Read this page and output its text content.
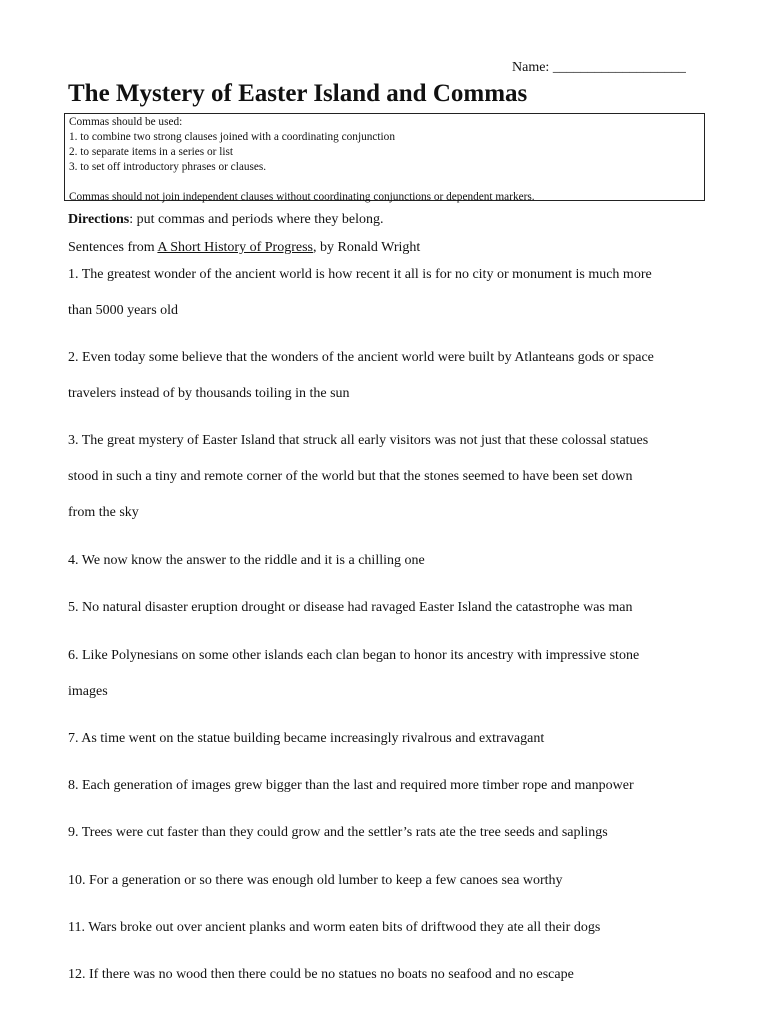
Name: ___________________
The Mystery of Easter Island and Commas
Commas should be used:
1. to combine two strong clauses joined with a coordinating conjunction
2. to separate items in a series or list
3. to set off introductory phrases or clauses.
Commas should not join independent clauses without coordinating conjunctions or dependent markers.
Directions: put commas and periods where they belong.
Sentences from A Short History of Progress, by Ronald Wright
1. The greatest wonder of the ancient world is how recent it all is for no city or monument is much more
than 5000 years old
2. Even today some believe that the wonders of the ancient world were built by Atlanteans gods or space
travelers instead of by thousands toiling in the sun
3. The great mystery of Easter Island that struck all early visitors was not just that these colossal statues
stood in such a tiny and remote corner of the world but that the stones seemed to have been set down
from the sky
4. We now know the answer to the riddle and it is a chilling one
5. No natural disaster eruption drought or disease had ravaged Easter Island the catastrophe was man
6. Like Polynesians on some other islands each clan began to honor its ancestry with impressive stone
images
7. As time went on the statue building became increasingly rivalrous and extravagant
8. Each generation of images grew bigger than the last and required more timber rope and manpower
9. Trees were cut faster than they could grow and the settler’s rats ate the tree seeds and saplings
10. For a generation or so there was enough old lumber to keep a few canoes sea worthy
11. Wars broke out over ancient planks and worm eaten bits of driftwood they ate all their dogs
12. If there was no wood then there could be no statues no boats no seafood and no escape
